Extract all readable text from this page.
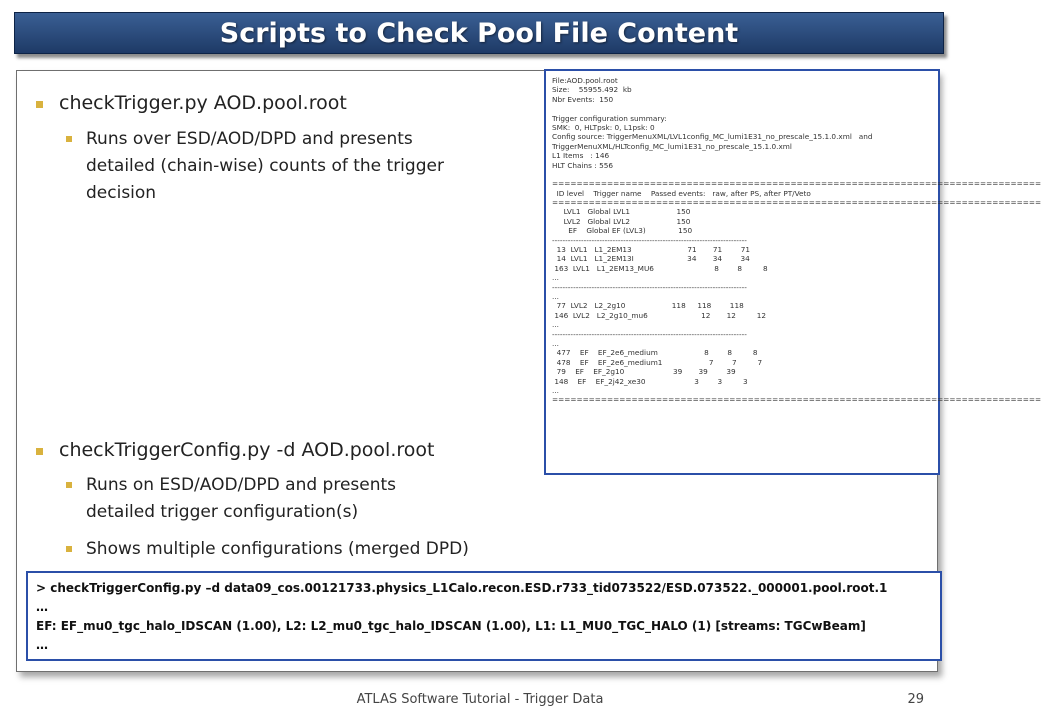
Scripts to Check Pool File Content
checkTrigger.py AOD.pool.root
Runs over ESD/AOD/DPD and presents detailed (chain-wise) counts of the trigger decision
checkTriggerConfig.py -d AOD.pool.root
Runs on ESD/AOD/DPD and presents detailed trigger configuration(s)
Shows multiple configurations (merged DPD)
File:AOD.pool.root
Size:    55955.492  kb
Nbr Events:  150
Trigger configuration summary:
SMK:  0, HLTpsk: 0, L1psk: 0
Config source: TriggerMenuXML/LVL1config_MC_lumi1E31_no_prescale_15.1.0.xml   and
TriggerMenuXML/HLTconfig_MC_lumi1E31_no_prescale_15.1.0.xml
L1 Items   : 146
HLT Chains : 556
================================================================================
ID level    Trigger name    Passed events:   raw, after PS, after PT/Veto
================================================================================
LVL1   Global LVL1                    150
LVL2   Global LVL2                    150
EF    Global EF (LVL3)              150
--------------------------------------------------------------------------
13  LVL1   L1_2EM13                        71       71        71
14  LVL1   L1_2EM13I                       34       34        34
163  LVL1   L1_2EM13_MU6                          8        8         8
...
--------------------------------------------------------------------------
...
77  LVL2   L2_2g10                    118     118        118
146  LVL2   L2_2g10_mu6                       12       12         12
...
--------------------------------------------------------------------------
...
477    EF    EF_2e6_medium                    8        8         8
478    EF    EF_2e6_medium1                    7        7         7
79    EF    EF_2g10                     39       39        39
148    EF    EF_2j42_xe30                     3        3         3
...
================================================================================
> checkTriggerConfig.py –d data09_cos.00121733.physics_L1Calo.recon.ESD.r733_tid073522/ESD.073522._000001.pool.root.1
…
EF: EF_mu0_tgc_halo_IDSCAN (1.00), L2: L2_mu0_tgc_halo_IDSCAN (1.00), L1: L1_MU0_TGC_HALO (1) [streams: TGCwBeam]
…
ATLAS Software Tutorial - Trigger Data	29
